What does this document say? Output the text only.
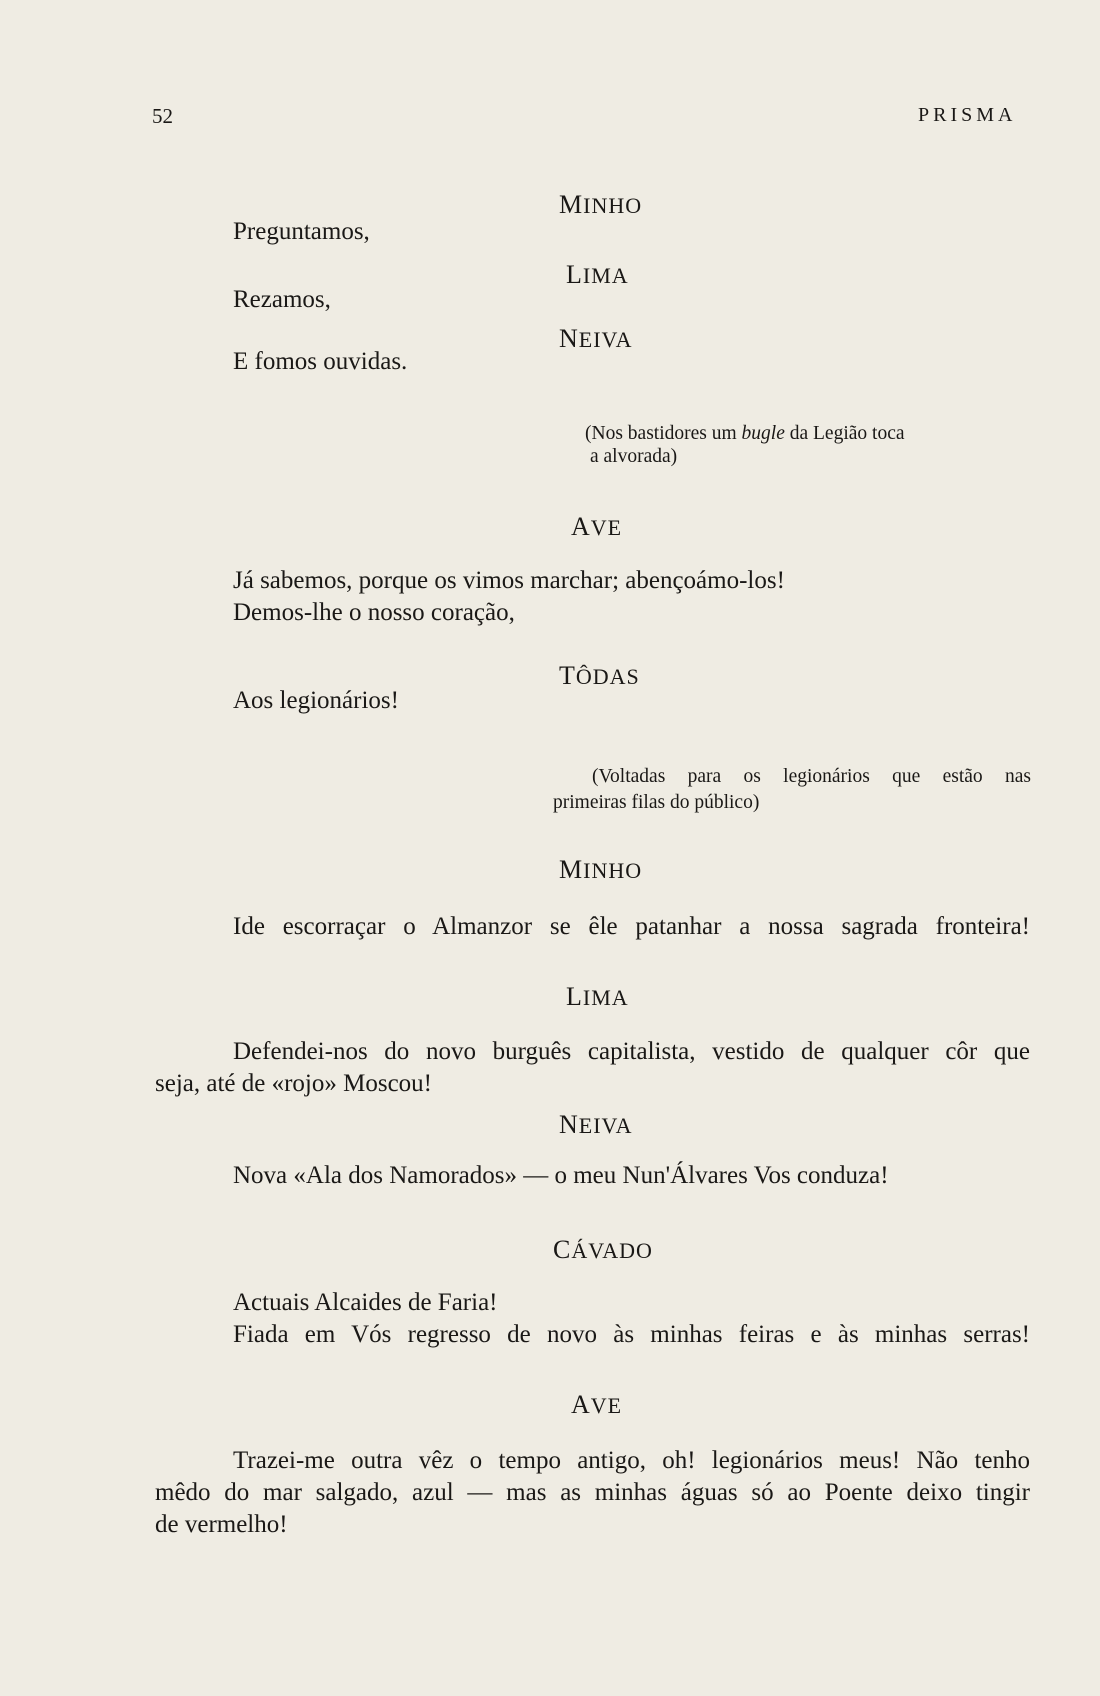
52	PRISMA
MINHO
Preguntamos,
LIMA
Rezamos,
NEIVA
E fomos ouvidas.
(Nos bastidores um bugle da Legião toca
a alvorada)
AVE
Já sabemos, porque os vimos marchar; abençoámo-los!
Demos-lhe o nosso coração,
TÔDAS
Aos legionários!
(Voltadas para os legionários que estão nas
primeiras filas do público)
MINHO
Ide escorraçar o Almanzor se êle patanhar a nossa sagrada fronteira!
LIMA
Defendei-nos do novo burguês capitalista, vestido de qualquer côr que
seja, até de «rojo» Moscou!
NEIVA
Nova «Ala dos Namorados» — o meu Nun'Álvares Vos conduza!
CÁVADO
Actuais Alcaides de Faria!
Fiada em Vós regresso de novo às minhas feiras e às minhas serras!
AVE
Trazei-me outra vêz o tempo antigo, oh! legionários meus! Não tenho
mêdo do mar salgado, azul — mas as minhas águas só ao Poente deixo tingir
de vermelho!
